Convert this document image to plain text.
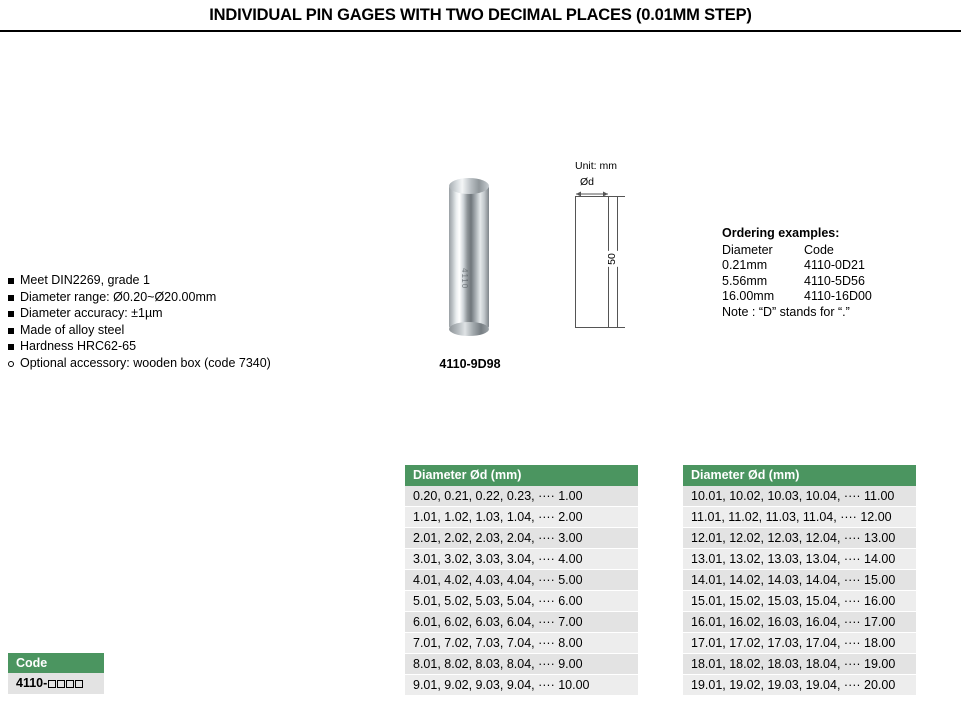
INDIVIDUAL PIN GAGES WITH TWO DECIMAL PLACES (0.01MM STEP)
Meet DIN2269, grade 1
Diameter range: Ø0.20~Ø20.00mm
Diameter accuracy: ±1µm
Made of alloy steel
Hardness HRC62-65
Optional accessory: wooden box (code 7340)
4110
4110-9D98
Unit: mm
Ød
50
Ordering examples:
Diameter	Code
0.21mm	4110-0D21
5.56mm	4110-5D56
16.00mm	4110-16D00
Note : “D” stands for “.”
Diameter Ød (mm)
0.20, 0.21, 0.22, 0.23, ···· 1.00
1.01, 1.02, 1.03, 1.04, ···· 2.00
2.01, 2.02, 2.03, 2.04, ···· 3.00
3.01, 3.02, 3.03, 3.04, ···· 4.00
4.01, 4.02, 4.03, 4.04, ···· 5.00
5.01, 5.02, 5.03, 5.04, ···· 6.00
6.01, 6.02, 6.03, 6.04, ···· 7.00
7.01, 7.02, 7.03, 7.04, ···· 8.00
8.01, 8.02, 8.03, 8.04, ···· 9.00
9.01, 9.02, 9.03, 9.04, ···· 10.00
Diameter Ød (mm)
10.01, 10.02, 10.03, 10.04, ···· 11.00
11.01, 11.02, 11.03, 11.04, ···· 12.00
12.01, 12.02, 12.03, 12.04, ···· 13.00
13.01, 13.02, 13.03, 13.04, ···· 14.00
14.01, 14.02, 14.03, 14.04, ···· 15.00
15.01, 15.02, 15.03, 15.04, ···· 16.00
16.01, 16.02, 16.03, 16.04, ···· 17.00
17.01, 17.02, 17.03, 17.04, ···· 18.00
18.01, 18.02, 18.03, 18.04, ···· 19.00
19.01, 19.02, 19.03, 19.04, ···· 20.00
Code
4110-
